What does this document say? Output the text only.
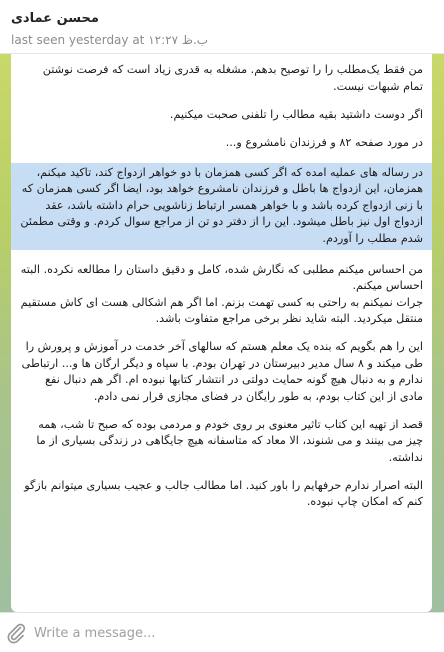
محسن عمادی
last seen yesterday at ۱۲:۲۷ ب.ظ
من فقط یک‌مطلب را را توصیح بدهم. مشغله به قدری زیاد است که فرصت نوشتن تمام شبهات نیست.
اگر دوست داشتید بقیه مطالب را تلفنی صحبت میکنیم.
در مورد صفحه ۸۲ و فرزندان نامشروع و...
در رساله های عملیه امده که اگر کسی همزمان با دو خواهر ازدواج کند، تاکید میکنم، همزمان، این ازدواج ها باطل و فرزندان نامشروع خواهد بود، ایضا اگر کسی همزمان که با زنی ازدواج کرده باشد و با خواهر همسر ارتباط زناشویی حرام داشته باشد، عقد ازدواج اول نیز باطل میشود. این را از دفتر دو تن از مراجع سوال کردم. و وقتی مطمئن شدم مطلب را آوردم.
من احساس میکنم مطلبی که نگارش شده، کامل و دقیق داستان را مطالعه نکرده. البته احساس میکنم.
جرات نمیکنم به راحتی به کسی تهمت بزنم. اما اگر هم اشکالی هست ای کاش مستقیم منتقل میکردید. البته شاید نظر برخی مراجع متفاوت باشد.
این را هم بگویم که بنده یک معلم هستم که سالهای آخر خدمت در آموزش و پرورش را طی میکند و ۸ سال مدیر دبیرستان در تهران بودم. با سپاه و دیگر ارگان ها و... ارتباطی ندارم و به دنبال هیچ گونه حمایت دولتی در انتشار کتابها نبوده ام. اگر هم دنبال نفع مادی از این کتاب بودم، به طور رایگان در فضای مجازی قرار نمی دادم.
قصد از تهیه این کتاب تاثیر معنوی بر روی خودم و مردمی بوده که صبح تا شب، همه چیز می بینند و می شنوند، الا معاد که متاسفانه هیچ جایگاهی در زندگی بسیاری از ما نداشته.
البته اصرار ندارم حرفهایم را باور کنید. اما مطالب جالب و عجیب بسیاری میتوانم بازگو کنم که امکان چاپ نبوده.
Write a message...
